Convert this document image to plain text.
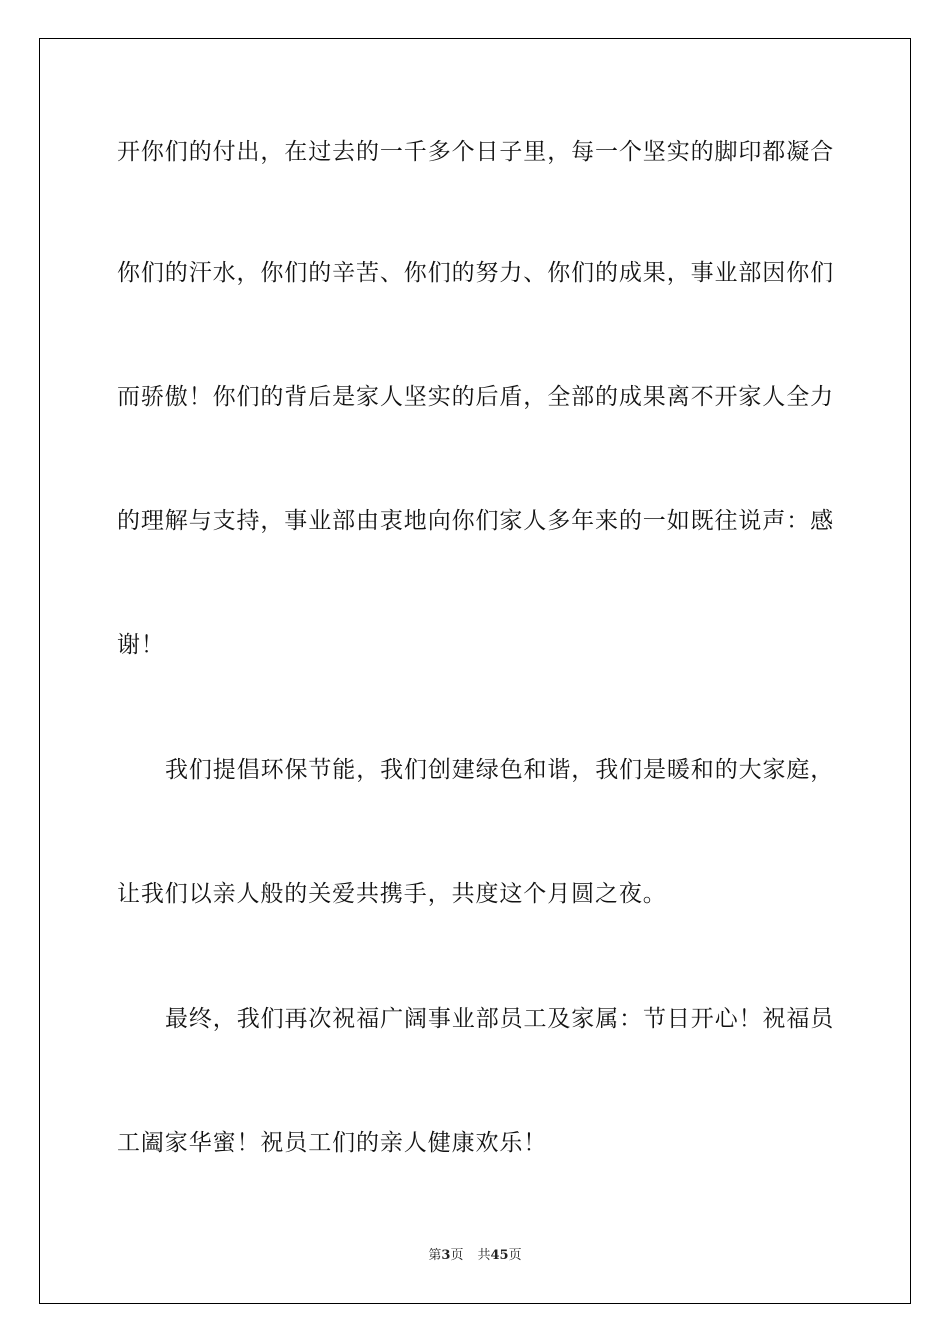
开你们的付出，在过去的一千多个日子里，每一个坚实的脚印都凝合
你们的汗水，你们的辛苦、你们的努力、你们的成果，事业部因你们
而骄傲！你们的背后是家人坚实的后盾，全部的成果离不开家人全力
的理解与支持，事业部由衷地向你们家人多年来的一如既往说声：感
谢！
我们提倡环保节能，我们创建绿色和谐，我们是暖和的大家庭，
让我们以亲人般的关爱共携手，共度这个月圆之夜。
最终，我们再次祝福广阔事业部员工及家属：节日开心！祝福员
工阖家华蜜！祝员工们的亲人健康欢乐！
第3页 共45页
